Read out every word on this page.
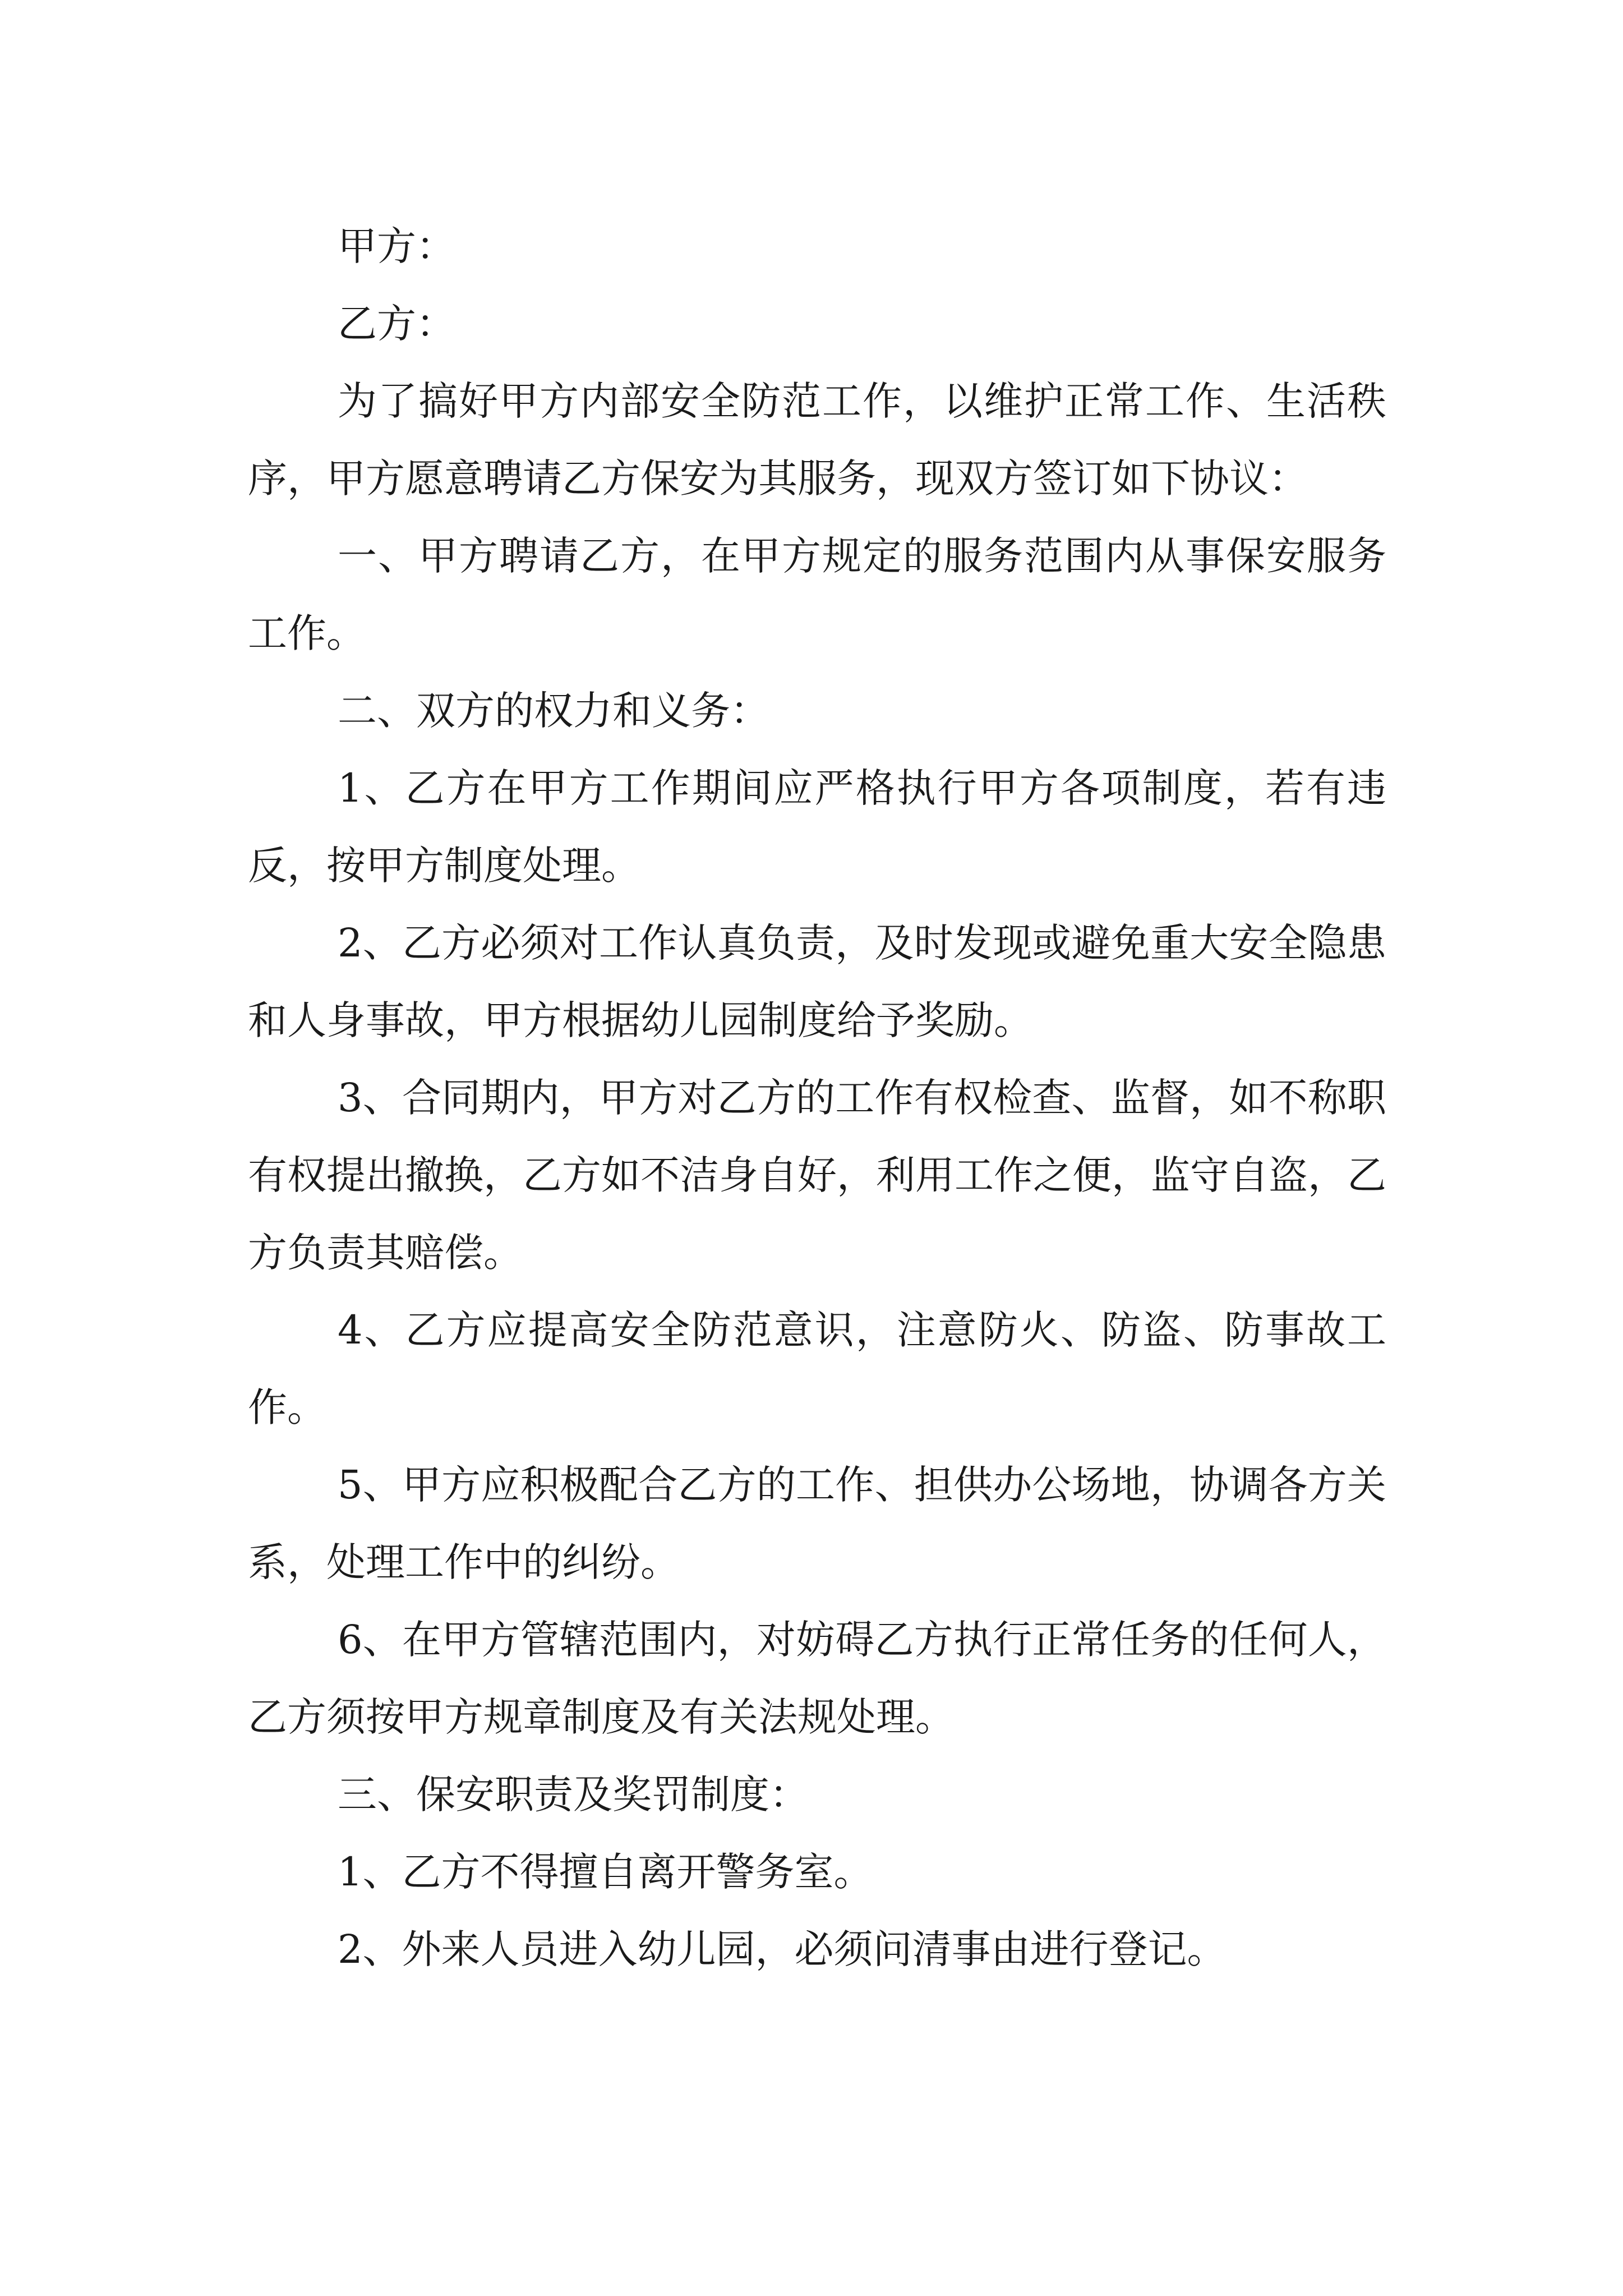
甲方：

乙方：

为了搞好甲方内部安全防范工作，以维护正常工作、生活秩序，甲方愿意聘请乙方保安为其服务，现双方签订如下协议：

一、甲方聘请乙方，在甲方规定的服务范围内从事保安服务工作。

二、双方的权力和义务：

1、乙方在甲方工作期间应严格执行甲方各项制度，若有违反，按甲方制度处理。

2、乙方必须对工作认真负责，及时发现或避免重大安全隐患和人身事故，甲方根据幼儿园制度给予奖励。

3、合同期内，甲方对乙方的工作有权检查、监督，如不称职有权提出撤换，乙方如不洁身自好，利用工作之便，监守自盗，乙方负责其赔偿。

4、乙方应提高安全防范意识，注意防火、防盗、防事故工作。

5、甲方应积极配合乙方的工作、担供办公场地，协调各方关系，处理工作中的纠纷。

6、在甲方管辖范围内，对妨碍乙方执行正常任务的任何人，乙方须按甲方规章制度及有关法规处理。

三、保安职责及奖罚制度：

1、乙方不得擅自离开警务室。

2、外来人员进入幼儿园，必须问清事由进行登记。
